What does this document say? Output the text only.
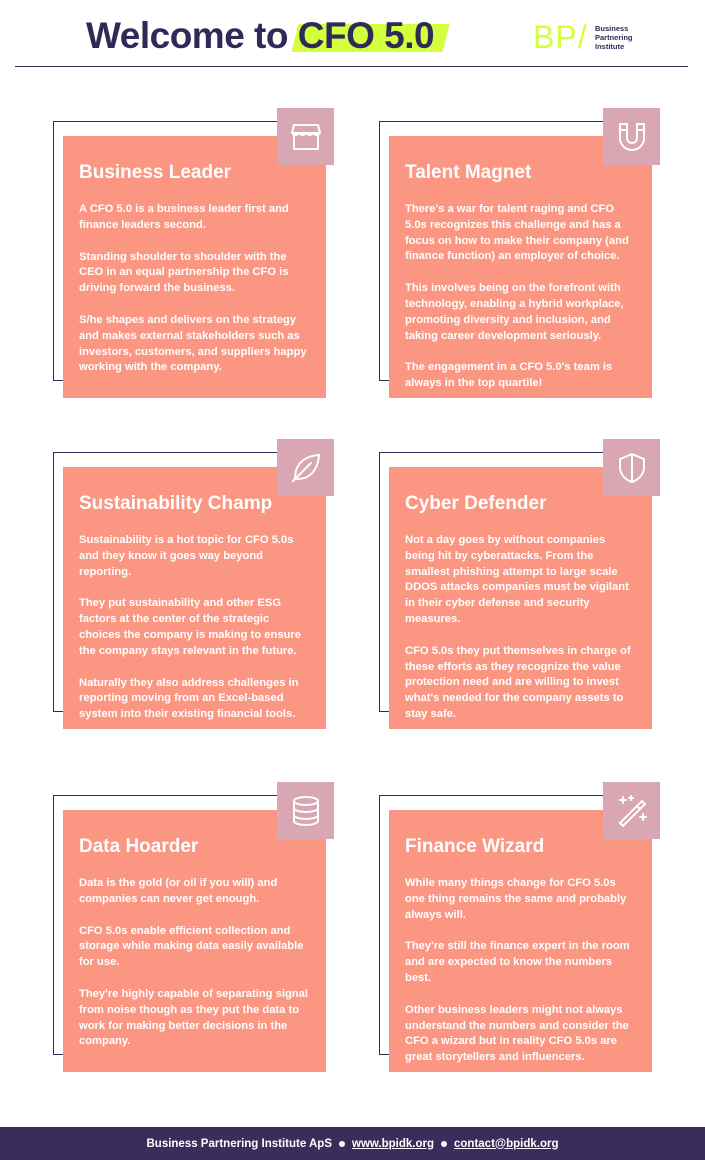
Welcome to CFO 5.0	BP/ Business
Partnering
Institute
Business Leader

A CFO 5.0 is a business leader first and finance leaders second.

Standing shoulder to shoulder with the CEO in an equal partnership the CFO is driving forward the business.

S/he shapes and delivers on the strategy and makes external stakeholders such as investors, customers, and suppliers happy working with the company.

Talent Magnet

There's a war for talent raging and CFO 5.0s recognizes this challenge and has a focus on how to make their company (and finance function) an employer of choice.

This involves being on the forefront with technology, enabling a hybrid workplace, promoting diversity and inclusion, and taking career development seriously.

The engagement in a CFO 5.0's team is always in the top quartile!

Sustainability Champ

Sustainability is a hot topic for CFO 5.0s and they know it goes way beyond reporting.

They put sustainability and other ESG factors at the center of the strategic choices the company is making to ensure the company stays relevant in the future.

Naturally they also address challenges in reporting moving from an Excel-based system into their existing financial tools.

Cyber Defender

Not a day goes by without companies being hit by cyberattacks. From the smallest phishing attempt to large scale DDOS attacks companies must be vigilant in their cyber defense and security measures.

CFO 5.0s they put themselves in charge of these efforts as they recognize the value protection need and are willing to invest what's needed for the company assets to stay safe.

Data Hoarder

Data is the gold (or oil if you will) and companies can never get enough.

CFO 5.0s enable efficient collection and storage while making data easily available for use.

They're highly capable of separating signal from noise though as they put the data to work for making better decisions in the company.

Finance Wizard

While many things change for CFO 5.0s one thing remains the same and probably always will.

They're still the finance expert in the room and are expected to know the numbers best.

Other business leaders might not always understand the numbers and consider the CFO a wizard but in reality CFO 5.0s are great storytellers and influencers.

Business Partnering Institute ApS www.bpidk.org contact@bpidk.org
